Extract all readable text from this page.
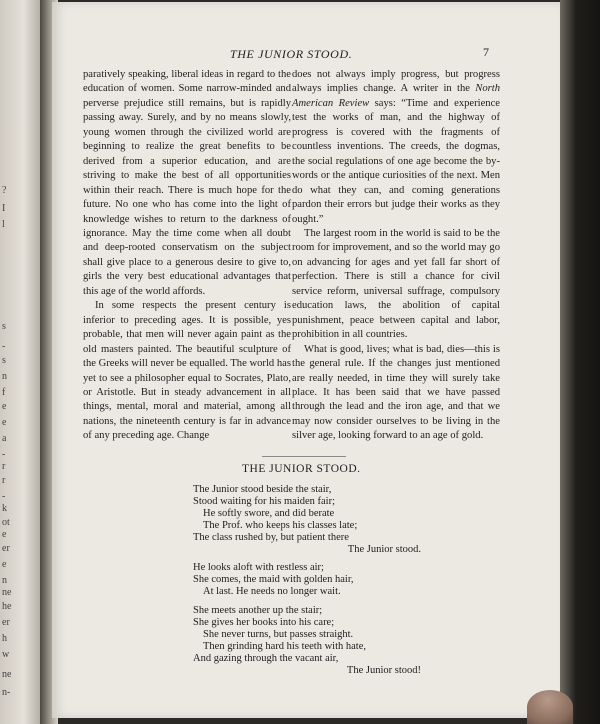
?
I
l
s
-
s
n
f
e
e
a
-
r
r
-
k
ot
e
er
e
n
ne
he
er
h
w
ne
n-
THE JUNIOR STOOD.	7

paratively speaking, liberal ideas in regard to the education of women. Some narrow-minded and perverse prejudice still remains, but is rapidly passing away. Surely, and by no means slowly, young women through the civilized world are beginning to realize the great benefits to be derived from a superior education, and are striving to make the best of all opportunities within their reach. There is much hope for the future. No one who has come into the light of knowledge wishes to return to the darkness of ignorance. May the time come when all doubt and deep-rooted conservatism on the subject shall give place to a generous desire to give to, girls the very best educational advantages that this age of the world affords.

In some respects the present century is inferior to preceding ages. It is possible, yes probable, that men will never again paint as the old masters painted. The beautiful sculpture of the Greeks will never be equalled. The world has yet to see a philosopher equal to Socrates, Plato, or Aristotle. But in steady advancement in all things, mental, moral and material, among all nations, the nineteenth century is far in advance of any preceding age. Change

does not always imply progress, but progress always implies change. A writer in the North American Review says: “Time and experience test the works of man, and the highway of progress is covered with the fragments of countless inventions. The creeds, the dogmas, the social regulations of one age become the by-words or the antique curiosities of the next. Men do what they can, and coming generations pardon their errors but judge their works as they ought.”

The largest room in the world is said to be the room for improvement, and so the world may go on advancing for ages and yet fall far short of perfection. There is still a chance for civil service reform, universal suffrage, compulsory education laws, the abolition of capital punishment, peace between capital and labor, prohibition in all countries.

What is good, lives; what is bad, dies—this is the general rule. If the changes just mentioned are really needed, in time they will surely take place. It has been said that we have passed through the lead and the iron age, and that we may now consider ourselves to be living in the silver age, looking forward to an age of gold.

THE JUNIOR STOOD.
The Junior stood beside the stair,
Stood waiting for his maiden fair;
He softly swore, and did berate
The Prof. who keeps his classes late;
The class rushed by, but patient there
The Junior stood.
He looks aloft with restless air;
She comes, the maid with golden hair,
At last. He needs no longer wait.
She meets another up the stair;
She gives her books into his care;
She never turns, but passes straight.
Then grinding hard his teeth with hate,
And gazing through the vacant air,
The Junior stood!
